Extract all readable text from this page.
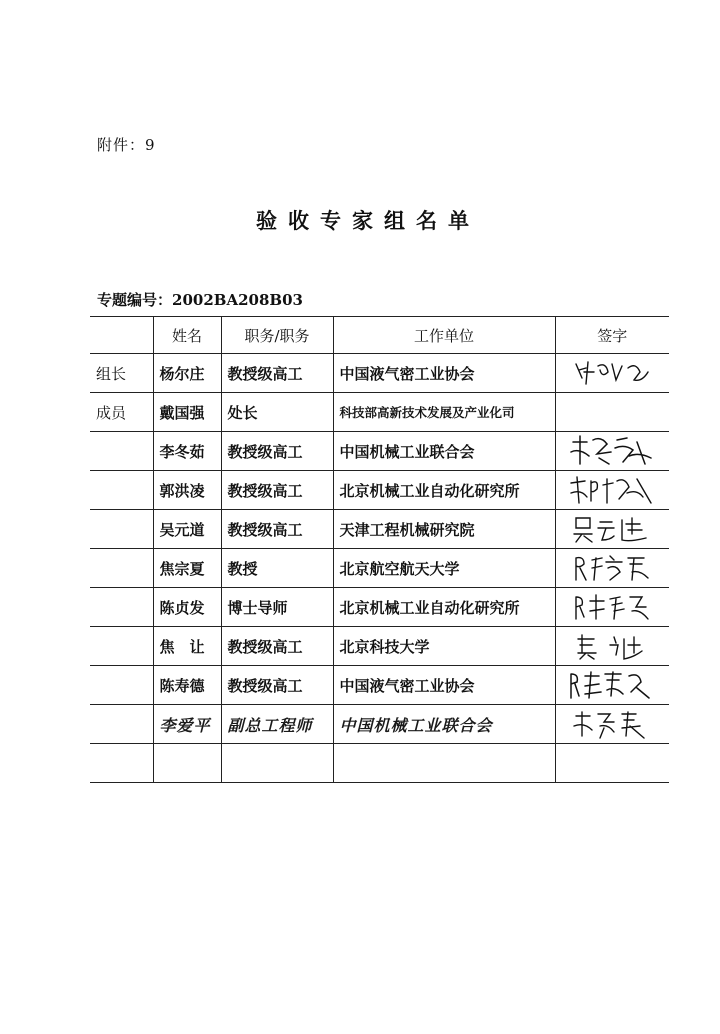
附件：9
验收专家组名单
专题编号：2002BA208B03
	姓名	职务/职务	工作单位	签字
组长	杨尔庄	教授级高工	中国液气密工业协会	

成员	戴国强	处长	科技部高新技术发展及产业化司	
	李冬茹	教授级高工	中国机械工业联合会	

	郭洪凌	教授级高工	北京机械工业自动化研究所	

	吴元道	教授级高工	天津工程机械研究院	

	焦宗夏	教授	北京航空航天大学	

	陈贞发	博士导师	北京机械工业自动化研究所	

	焦　让	教授级高工	北京科技大学	

	陈寿德	教授级高工	中国液气密工业协会	

	李爱平	副总工程师	中国机械工业联合会	
